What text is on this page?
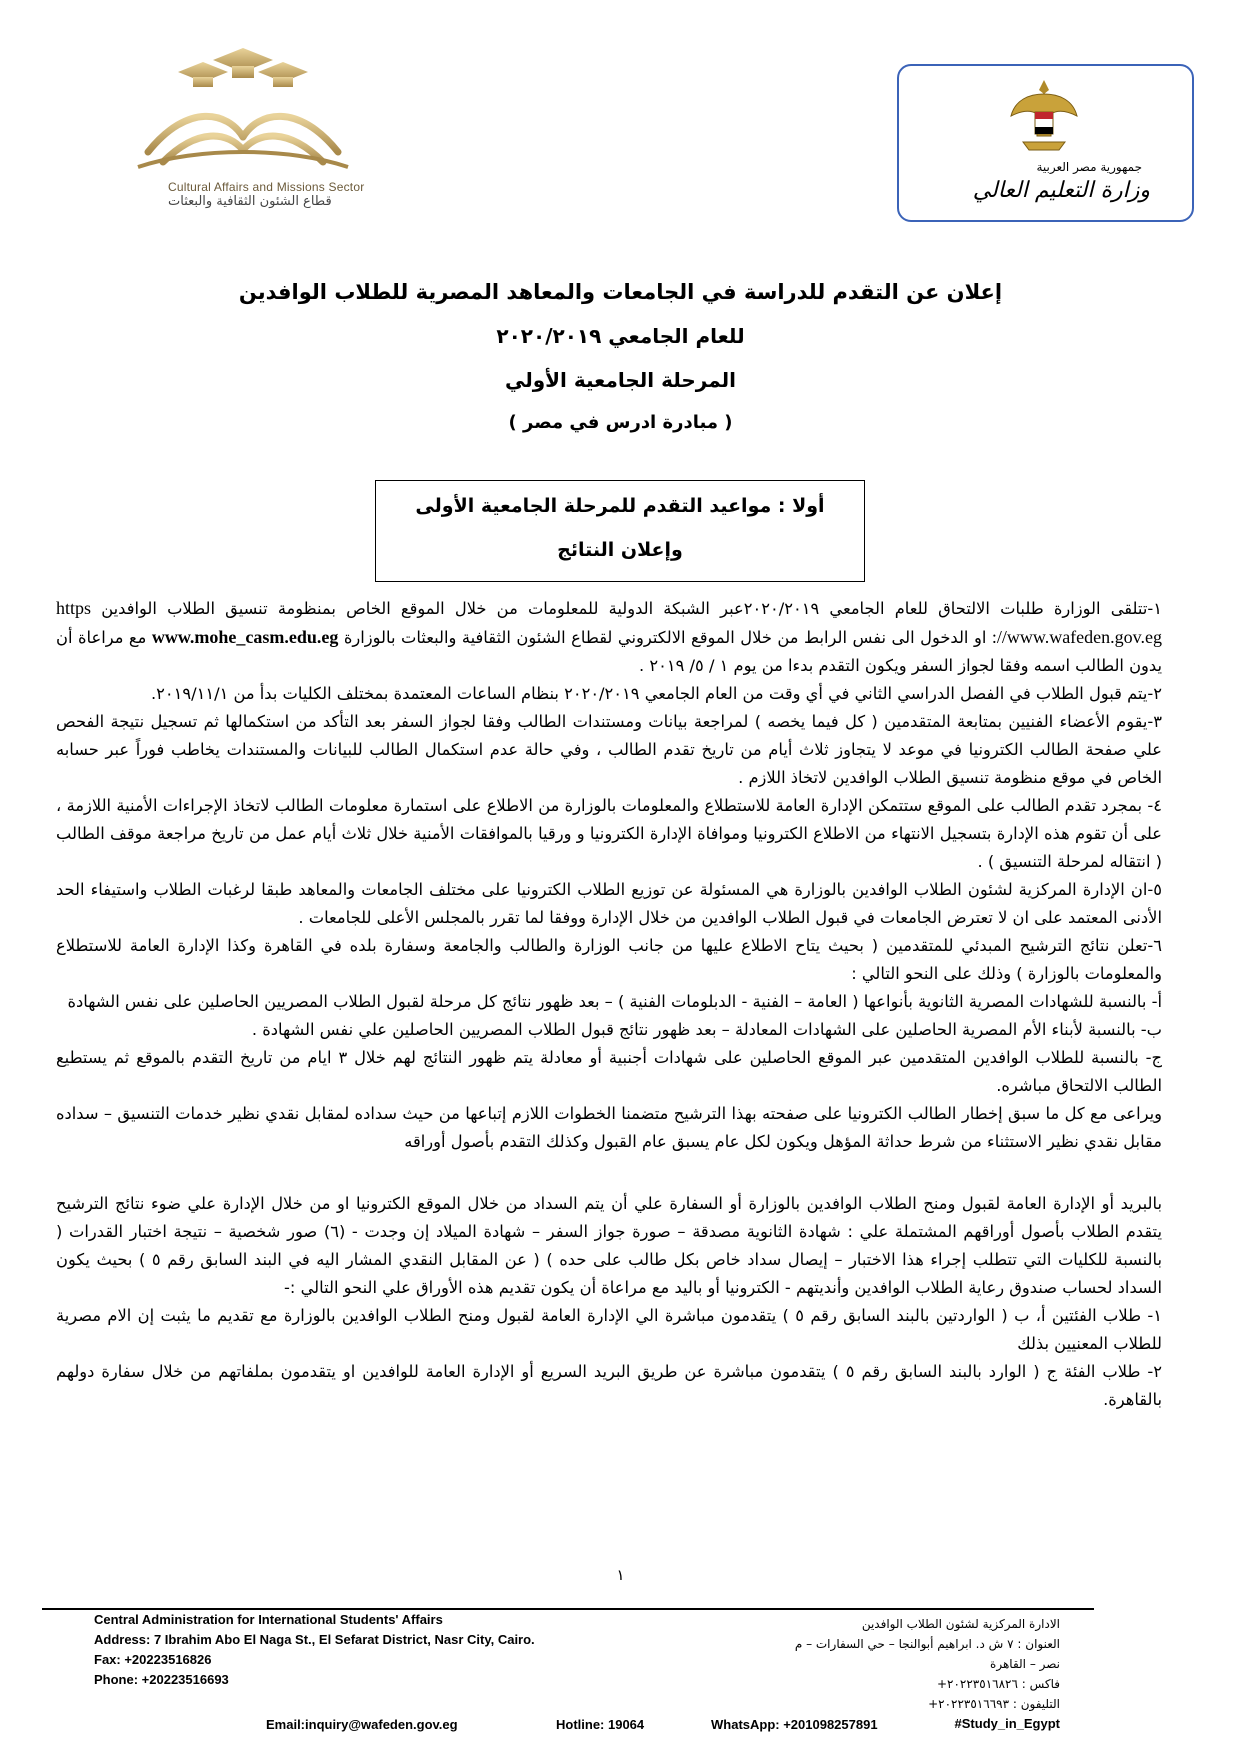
Cultural Affairs and Missions Sector
قطاع الشئون الثقافية والبعثات
جمهورية مصر العربية
وزارة التعليم العالي
إعلان عن التقدم للدراسة في الجامعات والمعاهد المصرية للطلاب الوافدين
للعام الجامعي ٢٠٢٠/٢٠١٩
المرحلة الجامعية الأولي
( مبادرة ادرس في مصر )
أولا : مواعيد التقدم للمرحلة الجامعية الأولى
وإعلان النتائج

١-تتلقى الوزارة طلبات الالتحاق للعام الجامعي ٢٠٢٠/٢٠١٩عبر الشبكة الدولية للمعلومات من خلال الموقع الخاص بمنظومة تنسيق الطلاب الوافدين https ://www.wafeden.gov.eg او الدخول الى نفس الرابط من خلال الموقع الالكتروني لقطاع الشئون الثقافية والبعثات بالوزارة www.mohe_casm.edu.eg مع مراعاة أن يدون الطالب اسمه وفقا لجواز السفر ويكون التقدم بدءا من يوم ١ / ٥/ ٢٠١٩ .

٢-يتم قبول الطلاب في الفصل الدراسي الثاني في أي وقت من العام الجامعي ٢٠٢٠/٢٠١٩ بنظام الساعات المعتمدة بمختلف الكليات بدأ من ٢٠١٩/١١/١.

٣-يقوم الأعضاء الفنيين بمتابعة المتقدمين ( كل فيما يخصه ) لمراجعة بيانات ومستندات الطالب وفقا لجواز السفر بعد التأكد من استكمالها ثم تسجيل نتيجة الفحص علي صفحة الطالب الكترونيا في موعد لا يتجاوز ثلاث أيام من تاريخ تقدم الطالب ، وفي حالة عدم استكمال الطالب للبيانات والمستندات يخاطب فوراً عبر حسابه الخاص في موقع منظومة تنسيق الطلاب الوافدين لاتخاذ اللازم .

٤- بمجرد تقدم الطالب على الموقع ستتمكن الإدارة العامة للاستطلاع والمعلومات بالوزارة من الاطلاع على استمارة معلومات الطالب لاتخاذ الإجراءات الأمنية اللازمة ، على أن تقوم هذه الإدارة بتسجيل الانتهاء من الاطلاع الكترونيا وموافاة الإدارة الكترونيا و ورقيا بالموافقات الأمنية خلال ثلاث أيام عمل من تاريخ مراجعة موقف الطالب ( انتقاله لمرحلة التنسيق ) .

٥-ان الإدارة المركزية لشئون الطلاب الوافدين بالوزارة هي المسئولة عن توزيع الطلاب الكترونيا على مختلف الجامعات والمعاهد طبقا لرغبات الطلاب واستيفاء الحد الأدنى المعتمد على ان لا تعترض الجامعات في قبول الطلاب الوافدين من خلال الإدارة ووفقا لما تقرر بالمجلس الأعلى للجامعات .

٦-تعلن نتائج الترشيح المبدئي للمتقدمين ( بحيث يتاح الاطلاع عليها من جانب الوزارة والطالب والجامعة وسفارة بلده في القاهرة وكذا الإدارة العامة للاستطلاع والمعلومات بالوزارة ) وذلك على النحو التالي :

أ- بالنسبة للشهادات المصرية الثانوية بأنواعها ( العامة – الفنية - الدبلومات الفنية ) – بعد ظهور نتائج كل مرحلة لقبول الطلاب المصريين الحاصلين على نفس الشهادة

ب- بالنسبة لأبناء الأم المصرية الحاصلين على الشهادات المعادلة – بعد ظهور نتائج قبول الطلاب المصريين الحاصلين علي نفس الشهادة .

ج- بالنسبة للطلاب الوافدين المتقدمين عبر الموقع الحاصلين على شهادات أجنبية أو معادلة يتم ظهور النتائج لهم خلال ٣ ايام من تاريخ التقدم بالموقع ثم يستطيع الطالب الالتحاق مباشره.

ويراعى مع كل ما سبق إخطار الطالب الكترونيا على صفحته بهذا الترشيح متضمنا الخطوات اللازم إتباعها من حيث سداده لمقابل نقدي نظير خدمات التنسيق – سداده مقابل نقدي نظير الاستثناء من شرط حداثة المؤهل ويكون لكل عام يسبق عام القبول وكذلك التقدم بأصول أوراقه

بالبريد أو الإدارة العامة لقبول ومنح الطلاب الوافدين بالوزارة أو السفارة علي أن يتم السداد من خلال الموقع الكترونيا او من خلال الإدارة علي ضوء نتائج الترشيح يتقدم الطلاب بأصول أوراقهم المشتملة علي : شهادة الثانوية مصدقة – صورة جواز السفر – شهادة الميلاد إن وجدت - (٦) صور شخصية – نتيجة اختبار القدرات ( بالنسبة للكليات التي تتطلب إجراء هذا الاختبار – إيصال سداد خاص بكل طالب على حده ) ( عن المقابل النقدي المشار اليه في البند السابق رقم ٥ ) بحيث يكون السداد لحساب صندوق رعاية الطلاب الوافدين وأنديتهم - الكترونيا أو باليد مع مراعاة أن يكون تقديم هذه الأوراق علي النحو التالي :-

١- طلاب الفئتين أ، ب ( الواردتين بالبند السابق رقم ٥ ) يتقدمون مباشرة الي الإدارة العامة لقبول ومنح الطلاب الوافدين بالوزارة مع تقديم ما يثبت إن الام مصرية للطلاب المعنيين بذلك

٢- طلاب الفئة ج ( الوارد بالبند السابق رقم ٥ ) يتقدمون مباشرة عن طريق البريد السريع أو الإدارة العامة للوافدين او يتقدمون بملفاتهم من خلال سفارة دولهم بالقاهرة.

١
Central Administration for International Students' Affairs
Address: 7 Ibrahim Abo El Naga St., El Sefarat District, Nasr City, Cairo.
Fax: +20223516826
Phone: +20223516693
الادارة المركزية لشئون الطلاب الوافدين
العنوان : ٧ ش د. ابراهيم أبوالنجا – حي السفارات – م نصر – القاهرة
فاكس : ٢٠٢٢٣٥١٦٨٢٦+
التليفون : ٢٠٢٢٣٥١٦٦٩٣+
#Study_in_Egypt
Email:inquiry@wafeden.gov.eg	Hotline: 19064	WhatsApp: +201098257891
